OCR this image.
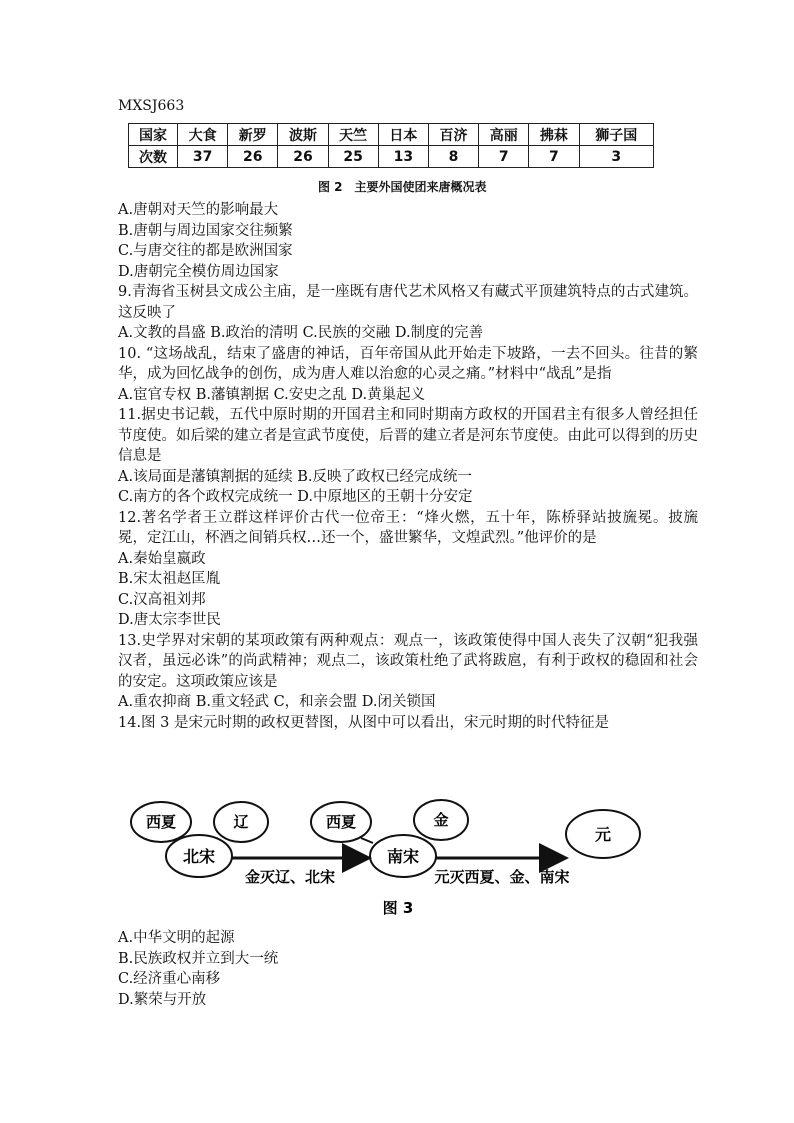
MXSJ663
国家	大食	新罗	波斯	天竺	日本	百济	高丽	拂菻	狮子国
次数	37	26	26	25	13	8	7	7	3
图 2　主要外国使团来唐概况表

A.唐朝对天竺的影响最大

B.唐朝与周边国家交往频繁

C.与唐交往的都是欧洲国家

D.唐朝完全模仿周边国家

9.青海省玉树县文成公主庙，是一座既有唐代艺术风格又有藏式平顶建筑特点的古式建筑。这反映了

A.文教的昌盛 B.政治的清明 C.民族的交融 D.制度的完善

10. “这场战乱，结束了盛唐的神话，百年帝国从此开始走下坡路，一去不回头。往昔的繁华，成为回忆战争的创伤，成为唐人难以治愈的心灵之痛。”材料中“战乱”是指

A.宦官专权 B.藩镇割据 C.安史之乱 D.黄巢起义

11.据史书记载，五代中原时期的开国君主和同时期南方政权的开国君主有很多人曾经担任节度使。如后梁的建立者是宣武节度使，后晋的建立者是河东节度使。由此可以得到的历史信息是

A.该局面是藩镇割据的延续 B.反映了政权已经完成统一

C.南方的各个政权完成统一 D.中原地区的王朝十分安定

12.著名学者王立群这样评价古代一位帝王：“烽火燃，五十年，陈桥驿站披旒冕。披旒冕，定江山，杯酒之间销兵权…还一个，盛世繁华，文煌武烈。”他评价的是

A.秦始皇嬴政

B.宋太祖赵匡胤

C.汉高祖刘邦

D.唐太宗李世民

13.史学界对宋朝的某项政策有两种观点：观点一，该政策使得中国人丧失了汉朝“犯我强汉者，虽远必诛”的尚武精神；观点二，该政策杜绝了武将跋扈，有利于政权的稳固和社会的安定。这项政策应该是

A.重农抑商 B.重文轻武 C，和亲会盟 D.闭关锁国

14.图 3 是宋元时期的政权更替图，从图中可以看出，宋元时期的时代特征是

西夏	辽
北宋
西夏	金
南宋
元
金灭辽、北宋	元灭西夏、金、南宋
图 3

A.中华文明的起源

B.民族政权并立到大一统

C.经济重心南移

D.繁荣与开放
